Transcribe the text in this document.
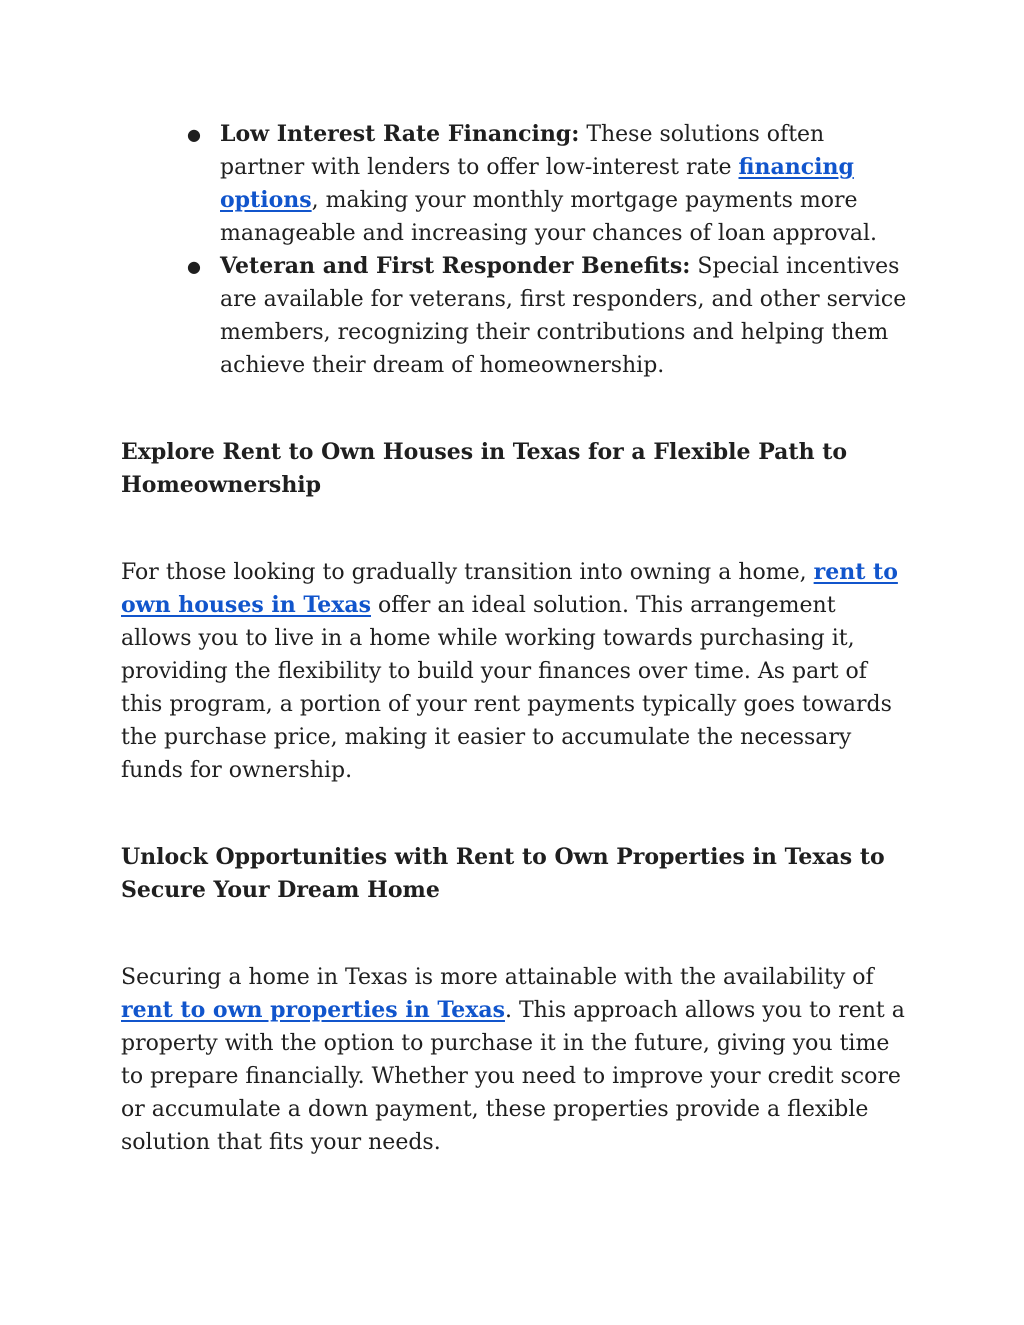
● Low Interest Rate Financing: These solutions often partner with lenders to offer low-interest rate financing options, making your monthly mortgage payments more manageable and increasing your chances of loan approval.
● Veteran and First Responder Benefits: Special incentives are available for veterans, first responders, and other service members, recognizing their contributions and helping them achieve their dream of homeownership.
Explore Rent to Own Houses in Texas for a Flexible Path to Homeownership

For those looking to gradually transition into owning a home, rent to own houses in Texas offer an ideal solution. This arrangement allows you to live in a home while working towards purchasing it, providing the flexibility to build your finances over time. As part of this program, a portion of your rent payments typically goes towards the purchase price, making it easier to accumulate the necessary funds for ownership.

Unlock Opportunities with Rent to Own Properties in Texas to Secure Your Dream Home

Securing a home in Texas is more attainable with the availability of rent to own properties in Texas. This approach allows you to rent a property with the option to purchase it in the future, giving you time to prepare financially. Whether you need to improve your credit score or accumulate a down payment, these properties provide a flexible solution that fits your needs.
